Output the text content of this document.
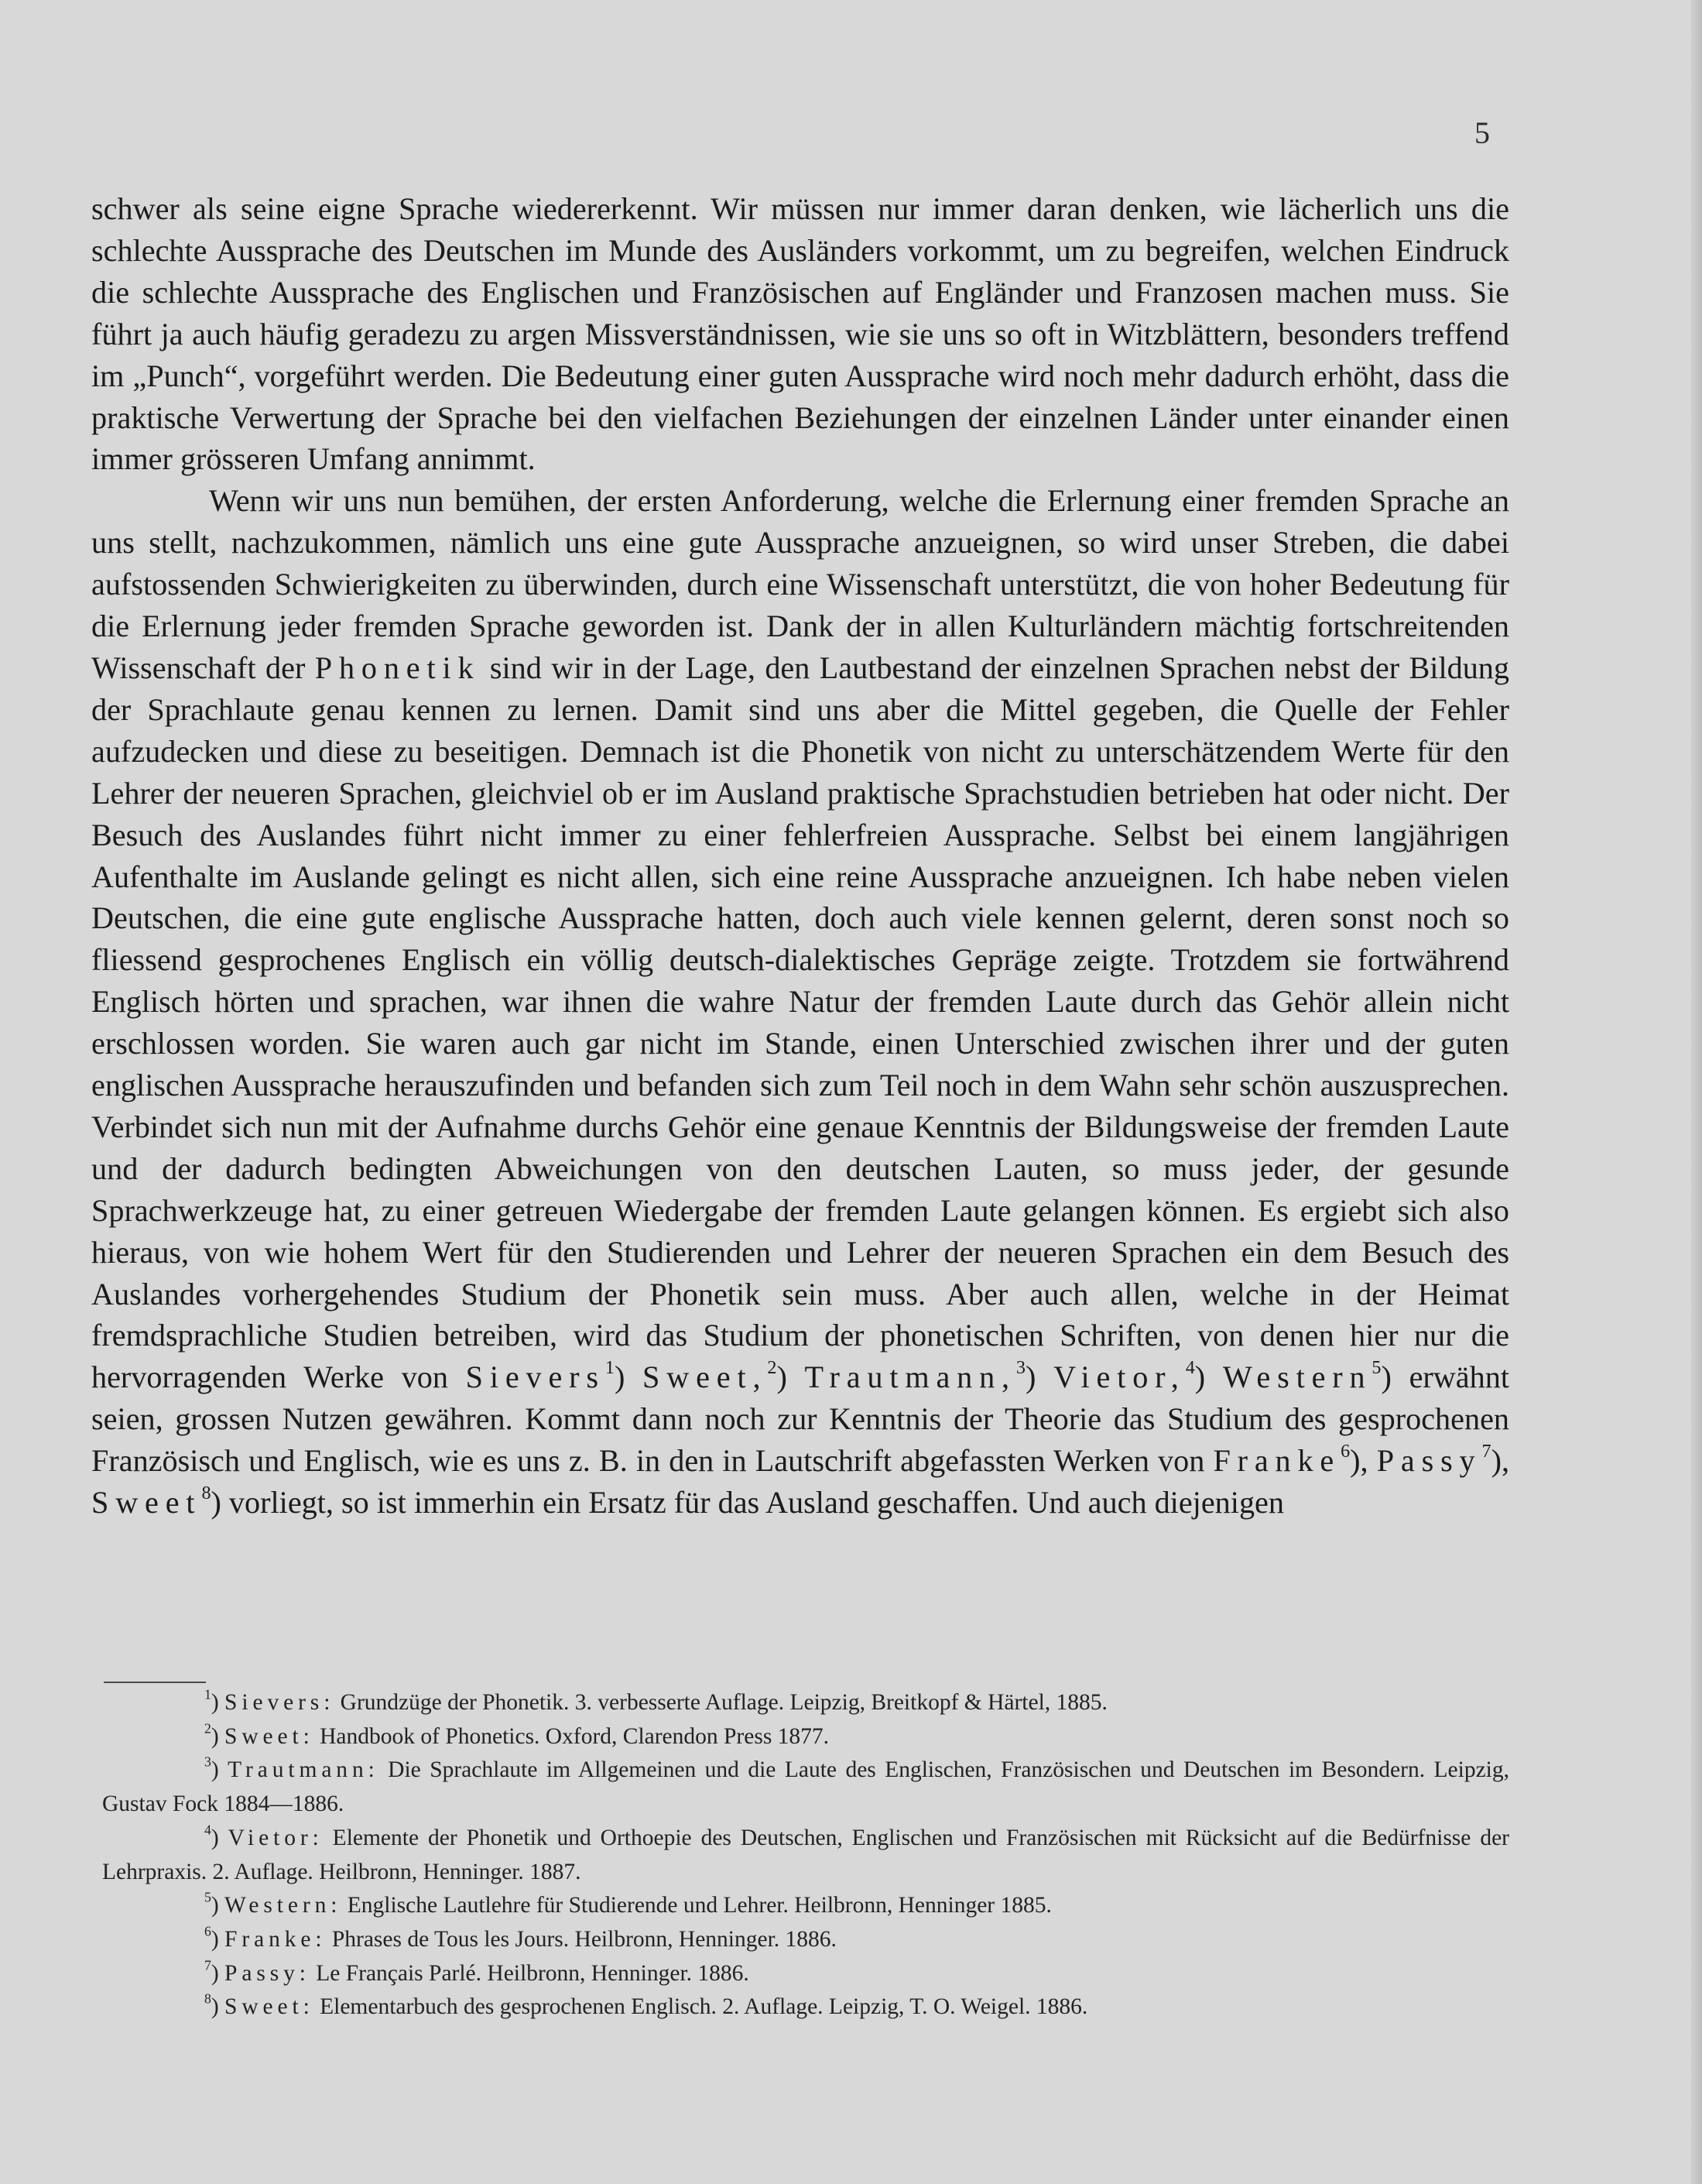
5

schwer als seine eigne Sprache wiedererkennt. Wir müssen nur immer daran denken, wie lächerlich uns die schlechte Aussprache des Deutschen im Munde des Ausländers vorkommt, um zu begreifen, welchen Eindruck die schlechte Aussprache des Englischen und Französischen auf Engländer und Franzosen machen muss. Sie führt ja auch häufig geradezu zu argen Missverständnissen, wie sie uns so oft in Witzblättern, besonders treffend im „Punch“, vorgeführt werden. Die Bedeutung einer guten Aussprache wird noch mehr dadurch erhöht, dass die praktische Verwertung der Sprache bei den vielfachen Beziehungen der einzelnen Länder unter einander einen immer grösseren Umfang annimmt.

Wenn wir uns nun bemühen, der ersten Anforderung, welche die Erlernung einer fremden Sprache an uns stellt, nachzukommen, nämlich uns eine gute Aussprache anzueignen, so wird unser Streben, die dabei aufstossenden Schwierigkeiten zu überwinden, durch eine Wissenschaft unterstützt, die von hoher Bedeutung für die Erlernung jeder fremden Sprache geworden ist. Dank der in allen Kulturländern mächtig fortschreitenden Wissenschaft der Phonetik sind wir in der Lage, den Lautbestand der einzelnen Sprachen nebst der Bildung der Sprachlaute genau kennen zu lernen. Damit sind uns aber die Mittel gegeben, die Quelle der Fehler aufzudecken und diese zu beseitigen. Demnach ist die Phonetik von nicht zu unterschätzendem Werte für den Lehrer der neueren Sprachen, gleichviel ob er im Ausland praktische Sprachstudien betrieben hat oder nicht. Der Besuch des Auslandes führt nicht immer zu einer fehlerfreien Aussprache. Selbst bei einem langjährigen Aufenthalte im Auslande gelingt es nicht allen, sich eine reine Aussprache anzueignen. Ich habe neben vielen Deutschen, die eine gute englische Aussprache hatten, doch auch viele kennen gelernt, deren sonst noch so fliessend gesprochenes Englisch ein völlig deutsch-dialektisches Gepräge zeigte. Trotzdem sie fortwährend Englisch hörten und sprachen, war ihnen die wahre Natur der fremden Laute durch das Gehör allein nicht erschlossen worden. Sie waren auch gar nicht im Stande, einen Unterschied zwischen ihrer und der guten englischen Aussprache herauszufinden und befanden sich zum Teil noch in dem Wahn sehr schön auszusprechen. Verbindet sich nun mit der Aufnahme durchs Gehör eine genaue Kenntnis der Bildungsweise der fremden Laute und der dadurch bedingten Abweichungen von den deutschen Lauten, so muss jeder, der gesunde Sprachwerkzeuge hat, zu einer getreuen Wiedergabe der fremden Laute gelangen können. Es ergiebt sich also hieraus, von wie hohem Wert für den Studierenden und Lehrer der neueren Sprachen ein dem Besuch des Auslandes vorhergehendes Studium der Phonetik sein muss. Aber auch allen, welche in der Heimat fremdsprachliche Studien betreiben, wird das Studium der phonetischen Schriften, von denen hier nur die hervorragenden Werke von Sievers$^1$) Sweet,$^2$) Trautmann,$^3$) Vietor,$^4$) Western$^5$) erwähnt seien, grossen Nutzen gewähren. Kommt dann noch zur Kenntnis der Theorie das Studium des gesprochenen Französisch und Englisch, wie es uns z. B. in den in Lautschrift abgefassten Werken von Franke$^6$), Passy$^7$), Sweet$^8$) vorliegt, so ist immerhin ein Ersatz für das Ausland geschaffen. Und auch diejenigen

$^1$) Sievers: Grundzüge der Phonetik. 3. verbesserte Auflage. Leipzig, Breitkopf & Härtel, 1885.

$^2$) Sweet: Handbook of Phonetics. Oxford, Clarendon Press 1877.

$^3$) Trautmann: Die Sprachlaute im Allgemeinen und die Laute des Englischen, Französischen und Deutschen im Besondern. Leipzig, Gustav Fock 1884—1886.

$^4$) Vietor: Elemente der Phonetik und Orthoepie des Deutschen, Englischen und Französischen mit Rücksicht auf die Bedürfnisse der Lehrpraxis. 2. Auflage. Heilbronn, Henninger. 1887.

$^5$) Western: Englische Lautlehre für Studierende und Lehrer. Heilbronn, Henninger 1885.

$^6$) Franke: Phrases de Tous les Jours. Heilbronn, Henninger. 1886.

$^7$) Passy: Le Français Parlé. Heilbronn, Henninger. 1886.

$^8$) Sweet: Elementarbuch des gesprochenen Englisch. 2. Auflage. Leipzig, T. O. Weigel. 1886.
